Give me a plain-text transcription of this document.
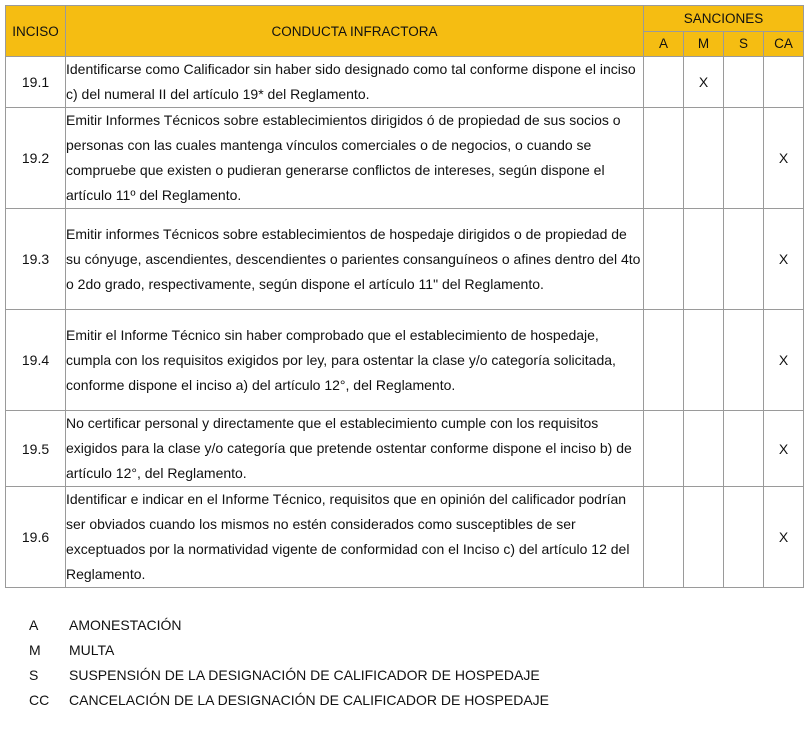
INCISO	CONDUCTA INFRACTORA	SANCIONES			
		A	M	S	CA
19.1	Identificarse como Calificador sin haber sido designado como tal conforme dispone el inciso c) del numeral II del artículo 19* del Reglamento.		X		
19.2	Emitir Informes Técnicos sobre establecimientos dirigidos ó de propiedad de sus socios o personas con las cuales mantenga vínculos comerciales o de negocios, o cuando se compruebe que existen o pudieran generarse conflictos de intereses, según dispone el artículo 11º del Reglamento.				X
19.3	Emitir informes Técnicos sobre establecimientos de hospedaje dirigidos o de propiedad de su cónyuge, ascendientes, descendientes o parientes consanguíneos o afines dentro del 4to o 2do grado, respectivamente, según dispone el artículo 11" del Reglamento.				X
19.4	Emitir el Informe Técnico sin haber comprobado que el establecimiento de hospedaje, cumpla con los requisitos exigidos por ley, para ostentar la clase y/o categoría solicitada, conforme dispone el inciso a) del artículo 12°, del Reglamento.				X
19.5	No certificar personal y directamente que el establecimiento cumple con los requisitos exigidos para la clase y/o categoría que pretende ostentar conforme dispone el inciso b) de artículo 12°, del Reglamento.				X
19.6	Identificar e indicar en el Informe Técnico, requisitos que en opinión del calificador podrían ser obviados cuando los mismos no estén considerados como susceptibles de ser exceptuados por la normatividad vigente de conformidad con el Inciso c) del artículo 12 del Reglamento.				X
A	AMONESTACIÓN
M	MULTA
S	SUSPENSIÓN DE LA DESIGNACIÓN DE CALIFICADOR DE HOSPEDAJE
CC	CANCELACIÓN DE LA DESIGNACIÓN DE CALIFICADOR DE HOSPEDAJE
